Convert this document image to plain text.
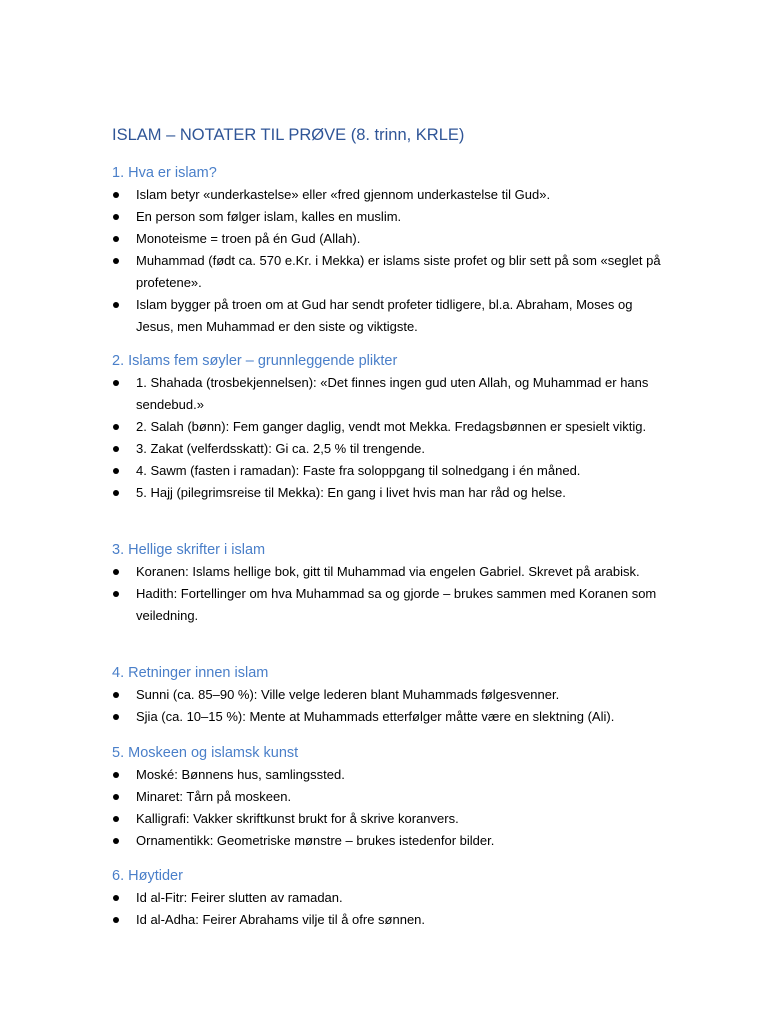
ISLAM – NOTATER TIL PRØVE (8. trinn, KRLE)
1. Hva er islam?
Islam betyr «underkastelse» eller «fred gjennom underkastelse til Gud».
En person som følger islam, kalles en muslim.
Monoteisme = troen på én Gud (Allah).
Muhammad (født ca. 570 e.Kr. i Mekka) er islams siste profet og blir sett på som «seglet på profetene».
Islam bygger på troen om at Gud har sendt profeter tidligere, bl.a. Abraham, Moses og Jesus, men Muhammad er den siste og viktigste.
2. Islams fem søyler – grunnleggende plikter
1. Shahada (trosbekjennelsen): «Det finnes ingen gud uten Allah, og Muhammad er hans sendebud.»
2. Salah (bønn): Fem ganger daglig, vendt mot Mekka. Fredagsbønnen er spesielt viktig.
3. Zakat (velferdsskatt): Gi ca. 2,5 % til trengende.
4. Sawm (fasten i ramadan): Faste fra soloppgang til solnedgang i én måned.
5. Hajj (pilegrimsreise til Mekka): En gang i livet hvis man har råd og helse.
3. Hellige skrifter i islam
Koranen: Islams hellige bok, gitt til Muhammad via engelen Gabriel. Skrevet på arabisk.
Hadith: Fortellinger om hva Muhammad sa og gjorde – brukes sammen med Koranen som veiledning.
4. Retninger innen islam
Sunni (ca. 85–90 %): Ville velge lederen blant Muhammads følgesvenner.
Sjia (ca. 10–15 %): Mente at Muhammads etterfølger måtte være en slektning (Ali).
5. Moskeen og islamsk kunst
Moské: Bønnens hus, samlingssted.
Minaret: Tårn på moskeen.
Kalligrafi: Vakker skriftkunst brukt for å skrive koranvers.
Ornamentikk: Geometriske mønstre – brukes istedenfor bilder.
6. Høytider
Id al-Fitr: Feirer slutten av ramadan.
Id al-Adha: Feirer Abrahams vilje til å ofre sønnen.
